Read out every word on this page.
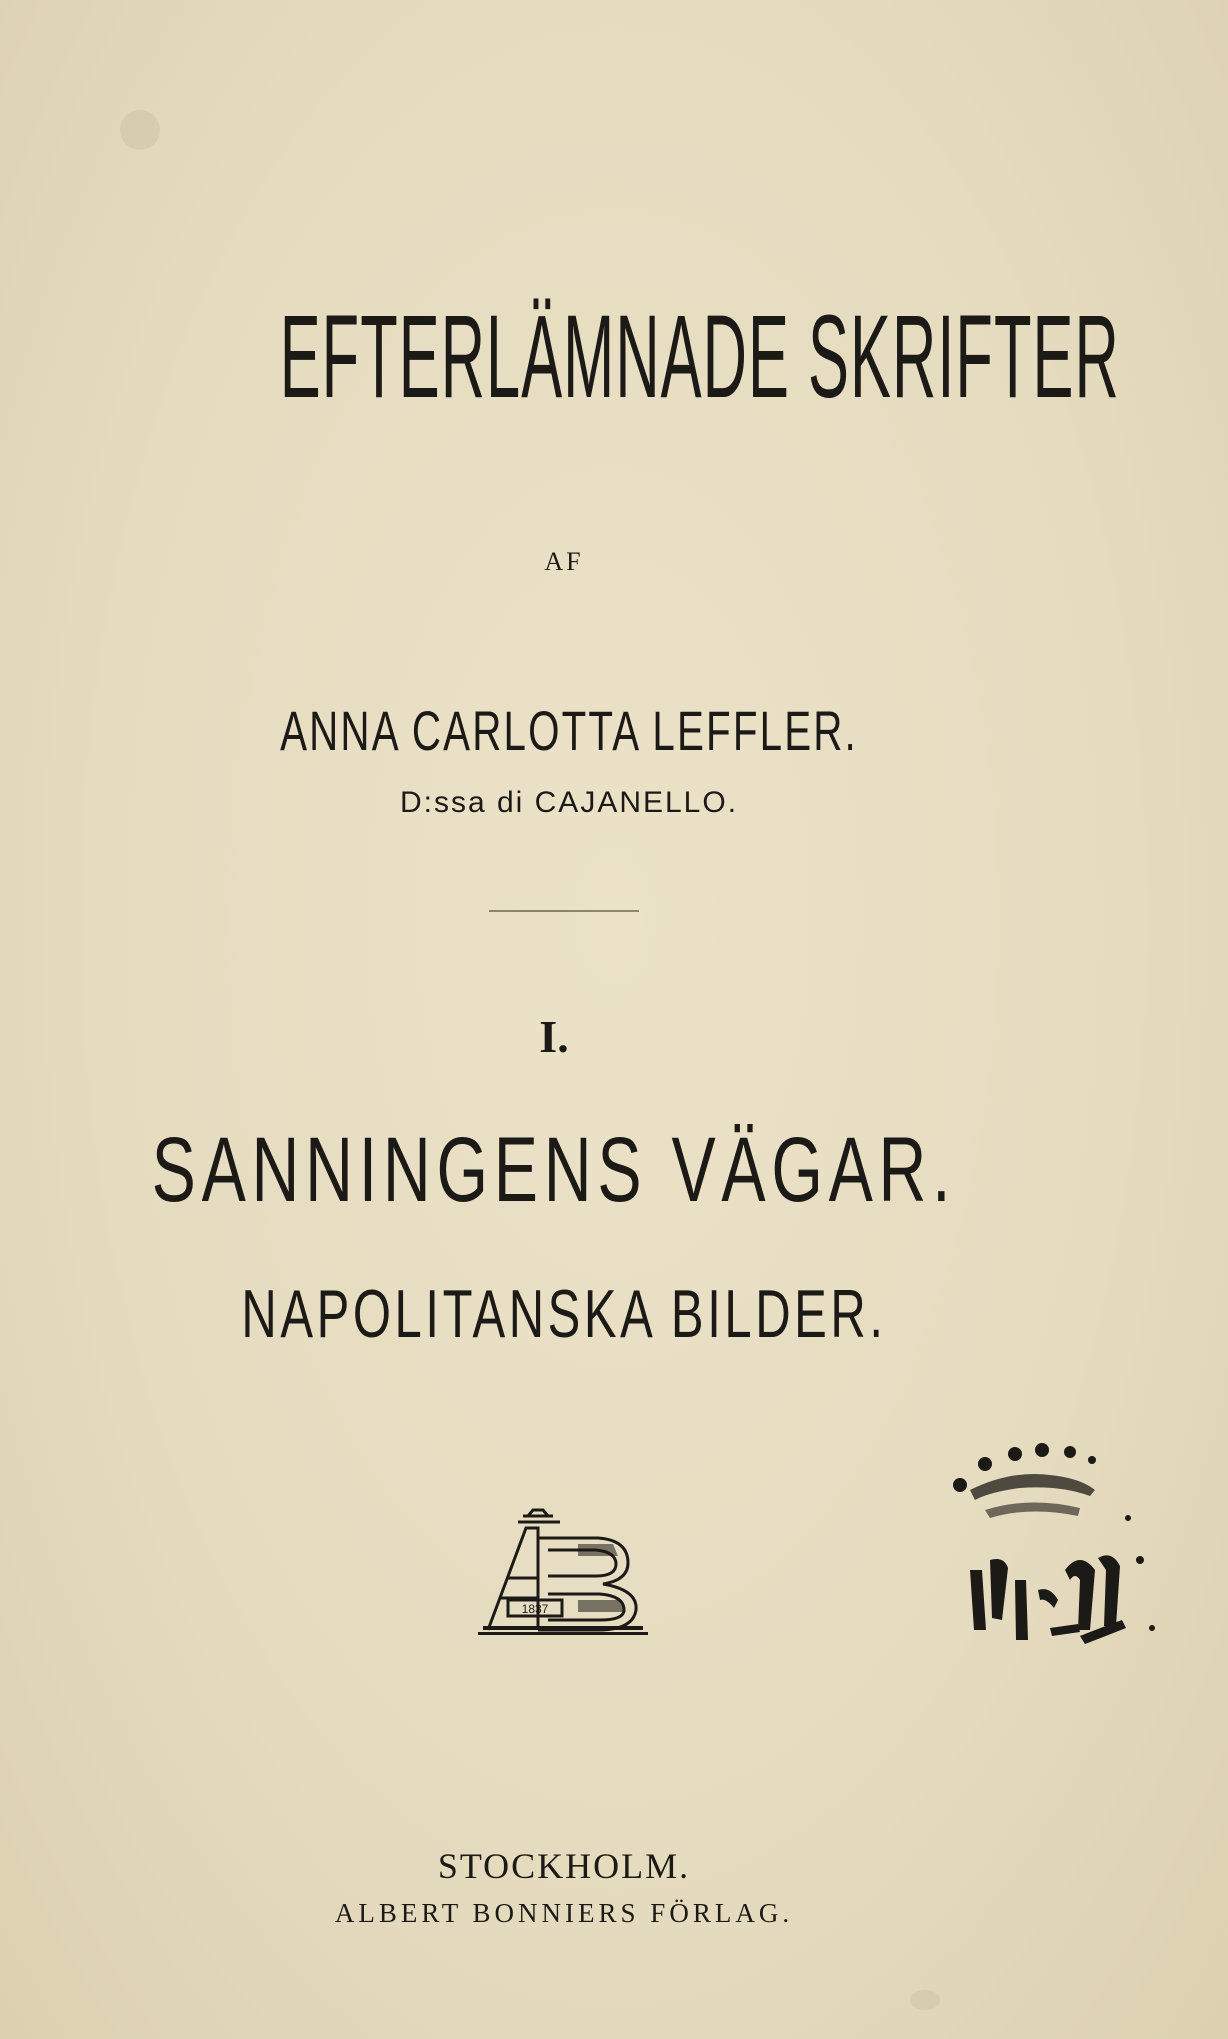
EFTERLÄMNADE SKRIFTER
AF
ANNA CARLOTTA LEFFLER.
D:ssa di CAJANELLO.
I.
SANNINGENS VÄGAR.
NAPOLITANSKA BILDER.
1837
STOCKHOLM.
ALBERT BONNIERS FÖRLAG.
